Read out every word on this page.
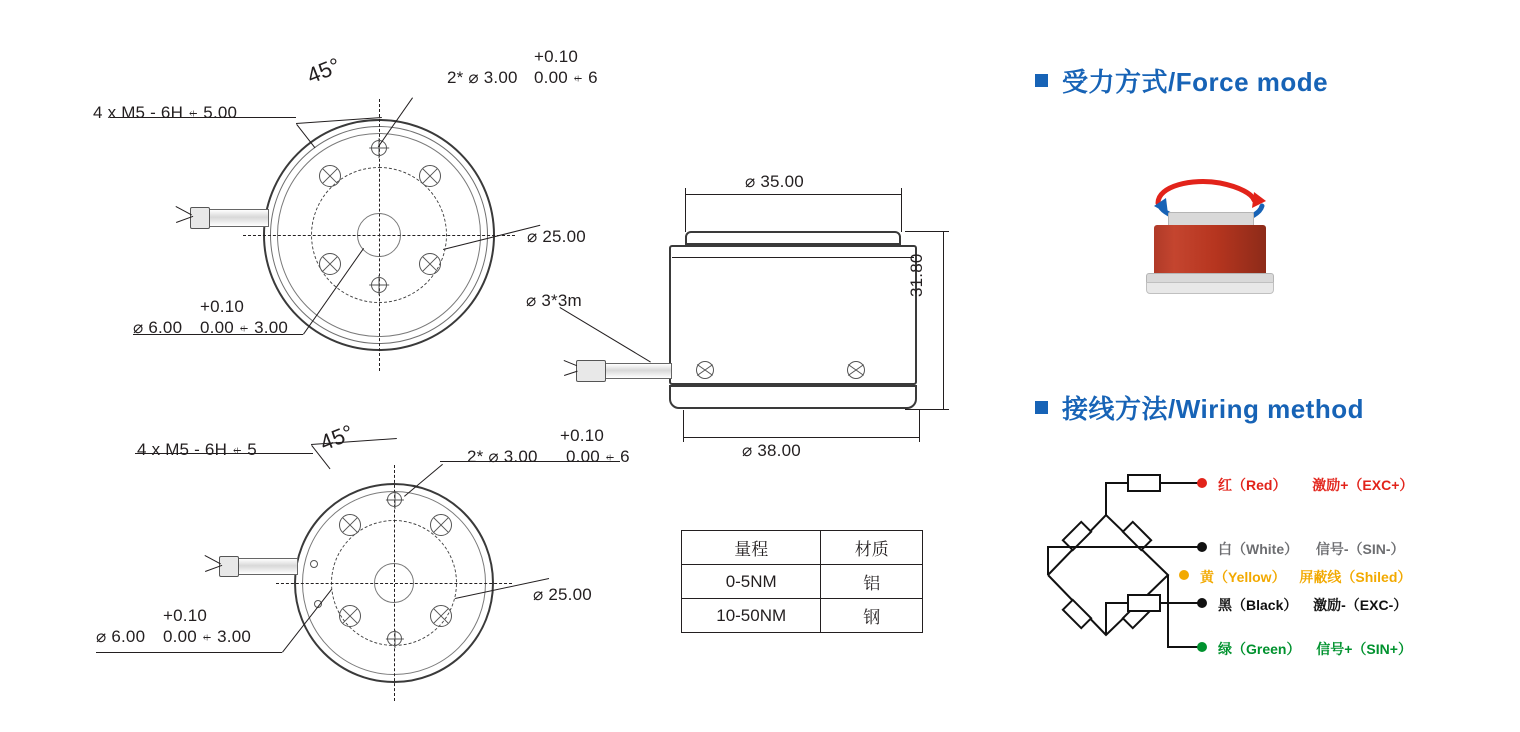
4 x M5 - 6H ⍅ 5.00
45°	+0.10
2* ⌀ 3.00 0.00 ⍅ 6
⌀ 25.00
+0.10
⌀ 6.00 0.00 ⍅ 3.00
4 x M5 - 6H ⍅ 5	45°	+0.10
2* ⌀ 3.00 0.00 ⍅ 6
⌀ 25.00
+0.10
⌀ 6.00 0.00 ⍅ 3.00
⌀ 3*3m
⌀ 35.00
31.80
⌀ 38.00
量程	材质
0-5NM	铝
10-50NM	钢
受力方式/Force mode
接线方法/Wiring method
红（Red） 激励+（EXC+）
白（White） 信号-（SIN-）
黄（Yellow） 屏蔽线（Shiled）
黑（Black） 激励-（EXC-）
绿（Green） 信号+（SIN+）
